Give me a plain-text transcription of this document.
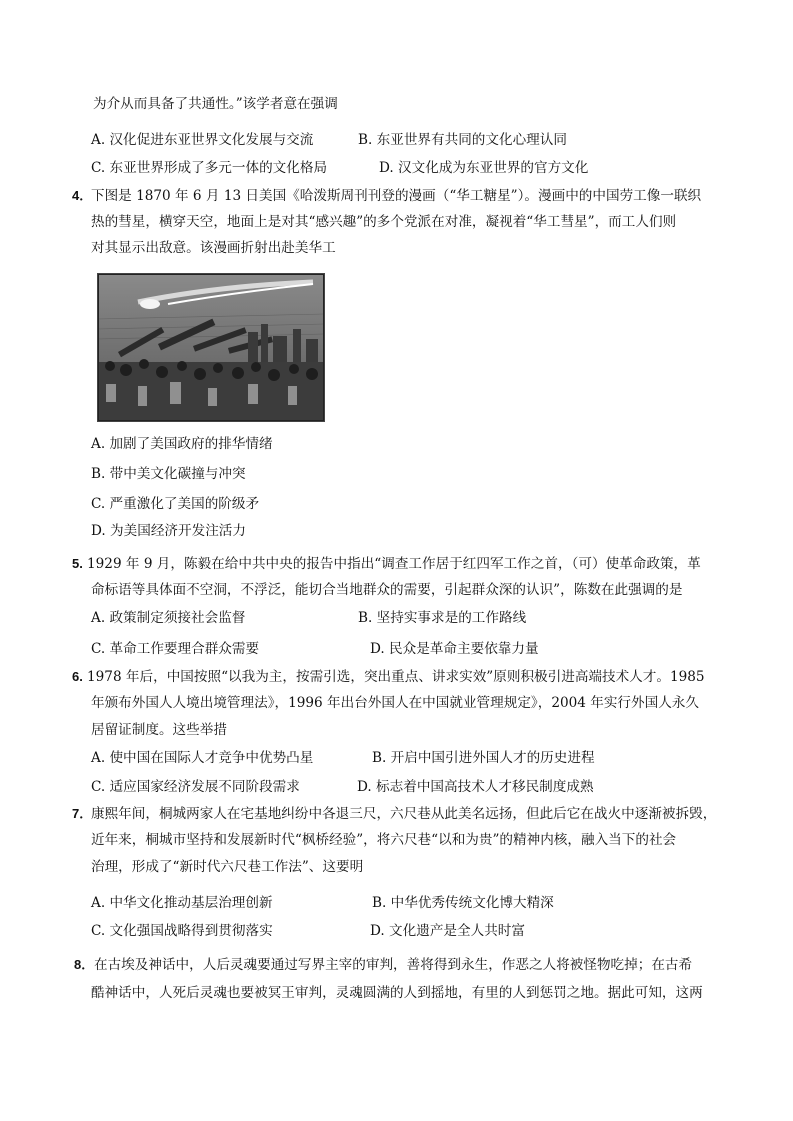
为介从而具备了共通性。”该学者意在强调
A. 汉化促进东亚世界文化发展与交流	B. 东亚世界有共同的文化心理认同
C. 东亚世界形成了多元一体的文化格局	D. 汉文化成为东亚世界的官方文化
4．
下图是 1870 年 6 月 13 日美国《哈泼斯周刊刊登的漫画（“华工糖星”）。漫画中的中国劳工像一联织
热的彗星，横穿天空，地面上是对其“感兴趣”的多个党派在对准，凝视着“华工彗星”，而工人们则
对其显示出敌意。该漫画折射出赴美华工
A. 加剧了美国政府的排华情绪
B. 带中美文化碳撞与冲突
C. 严重激化了美国的阶级矛
D. 为美国经济开发注活力
5. 1929 年 9 月，陈毅在给中共中央的报告中指出“调查工作居于红四军工作之首，（可）使革命政策，革
命标语等具体面不空洞，不浮泛，能切合当地群众的需要，引起群众深的认识”，陈数在此强调的是
A. 政策制定须接社会监督	B. 坚持实事求是的工作路线
C. 革命工作要理合群众需要	D. 民众是革命主要依靠力量
6. 1978 年后，中国按照“以我为主，按需引选，突出重点、讲求实效”原则积极引进高端技术人才。1985
年颁布外国人人境出境管理法》，1996 年出台外国人在中国就业管理规定》，2004 年实行外国人永久
居留证制度。这些举措
A. 使中国在国际人才竞争中优势凸星	B. 开启中国引进外国人才的历史进程
C. 适应国家经济发展不同阶段需求	D. 标志着中国高技术人才移民制度成熟
7．
康熙年间，桐城两家人在宅基地纠纷中各退三尺，六尺巷从此美名远扬，但此后它在战火中逐渐被拆毁，
近年来，桐城市坚持和发展新时代“枫桥经验”，将六尺巷“以和为贵”的精神内核，融入当下的社会
治理，形成了“新时代六尺巷工作法”、这要明
A. 中华文化推动基层治理创新	B. 中华优秀传统文化博大精深
C. 文化强国战略得到贯彻落实	D. 文化遗产是全人共时富
8． 在古埃及神话中，人后灵魂要通过写界主宰的审判，善将得到永生，作恶之人将被怪物吃掉；在古希
酷神话中，人死后灵魂也要被冥王审判，灵魂圆满的人到摇地，有里的人到惩罚之地。据此可知，这两
